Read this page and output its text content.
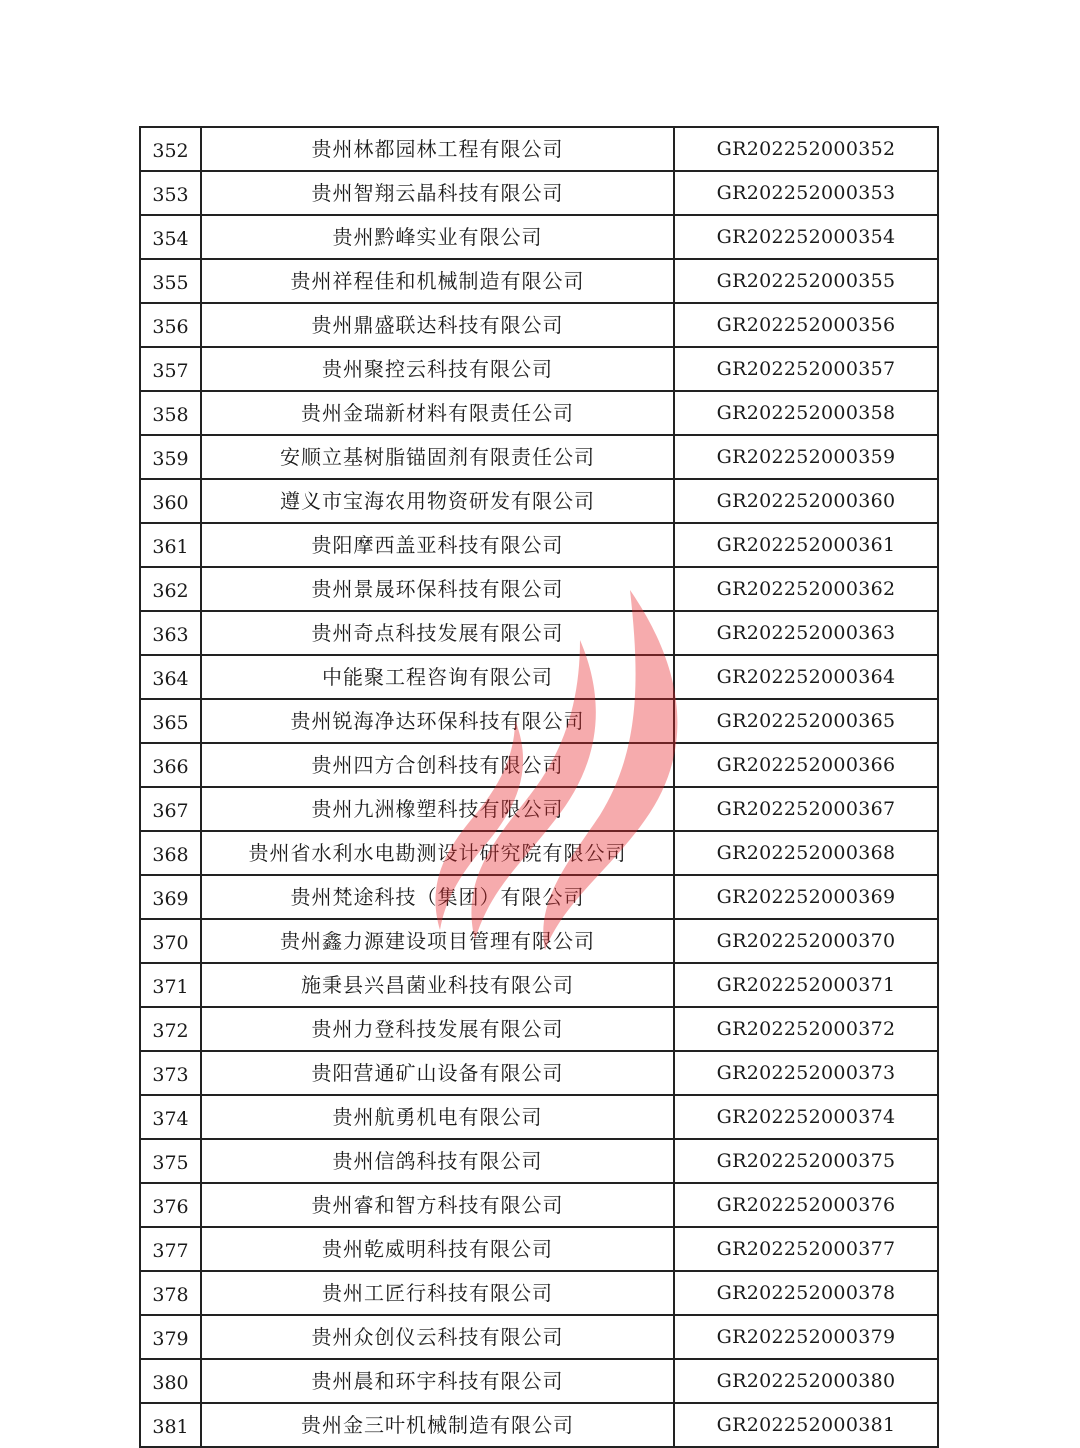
352	贵州林都园林工程有限公司	GR202252000352
353	贵州智翔云晶科技有限公司	GR202252000353
354	贵州黔峰实业有限公司	GR202252000354
355	贵州祥程佳和机械制造有限公司	GR202252000355
356	贵州鼎盛联达科技有限公司	GR202252000356
357	贵州聚控云科技有限公司	GR202252000357
358	贵州金瑞新材料有限责任公司	GR202252000358
359	安顺立基树脂锚固剂有限责任公司	GR202252000359
360	遵义市宝海农用物资研发有限公司	GR202252000360
361	贵阳摩西盖亚科技有限公司	GR202252000361
362	贵州景晟环保科技有限公司	GR202252000362
363	贵州奇点科技发展有限公司	GR202252000363
364	中能聚工程咨询有限公司	GR202252000364
365	贵州锐海净达环保科技有限公司	GR202252000365
366	贵州四方合创科技有限公司	GR202252000366
367	贵州九洲橡塑科技有限公司	GR202252000367
368	贵州省水利水电勘测设计研究院有限公司	GR202252000368
369	贵州梵途科技（集团）有限公司	GR202252000369
370	贵州鑫力源建设项目管理有限公司	GR202252000370
371	施秉县兴昌菌业科技有限公司	GR202252000371
372	贵州力登科技发展有限公司	GR202252000372
373	贵阳营通矿山设备有限公司	GR202252000373
374	贵州航勇机电有限公司	GR202252000374
375	贵州信鸽科技有限公司	GR202252000375
376	贵州睿和智方科技有限公司	GR202252000376
377	贵州乾威明科技有限公司	GR202252000377
378	贵州工匠行科技有限公司	GR202252000378
379	贵州众创仪云科技有限公司	GR202252000379
380	贵州晨和环宇科技有限公司	GR202252000380
381	贵州金三叶机械制造有限公司	GR202252000381
